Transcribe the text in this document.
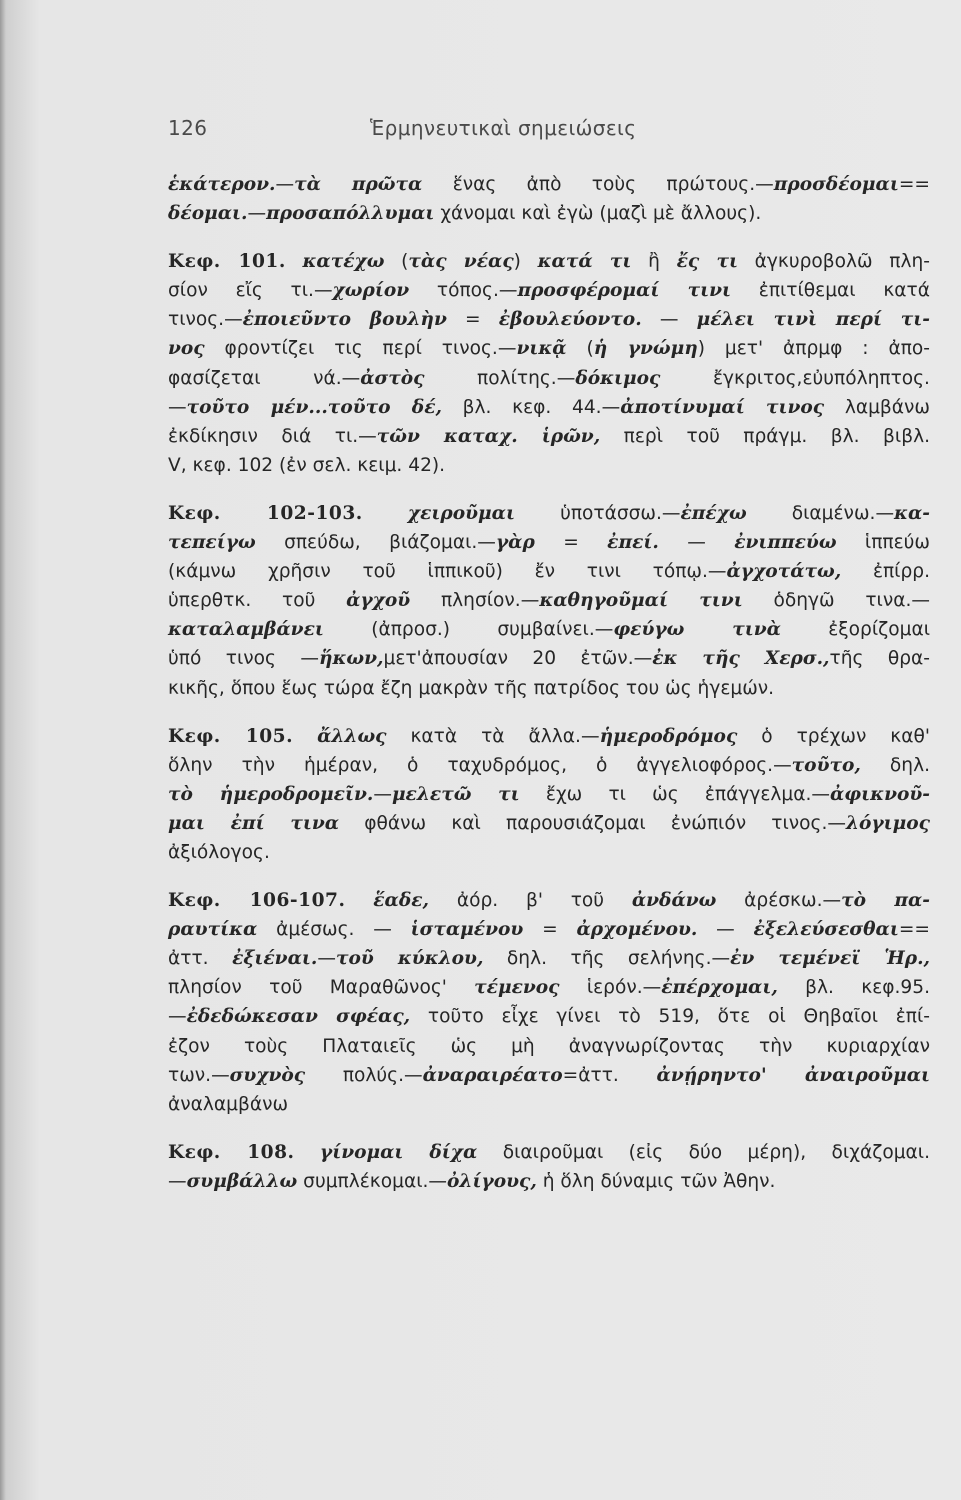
126	Ἑρμηνευτικαὶ σημειώσεις
ἑκάτερον.—τὰ πρῶτα ἕνας ἀπὸ τοὺς πρώτους.—προσδέομαι==
δέομαι.—προσαπόλλυμαι χάνομαι καὶ ἐγὼ (μαζὶ μὲ ἄλλους).
Κεφ. 101. κατέχω (τὰς νέας) κατά τι ἢ ἔς τι ἀγκυροβολῶ πλη-
σίον εἴς τι.—χωρίον τόπος.—προσφέρομαί τινι ἐπιτίθεμαι κατά
τινος.—ἐποιεῦντο βουλὴν = ἐβουλεύοντο. — μέλει τινὶ περί τι-
νος φροντίζει τις περί τινος.—νικᾷ (ἡ γνώμη) μετ' ἀπρμφ : ἀπο-
φασίζεται νά.—ἀστὸς πολίτης.—δόκιμος ἔγκριτος,εὐυπόληπτος.
—τοῦτο μέν...τοῦτο δέ, βλ. κεφ. 44.—ἀποτίνυμαί τινος λαμβάνω
ἐκδίκησιν διά τι.—τῶν καταχ. ἱρῶν, περὶ τοῦ πράγμ. βλ. βιβλ.
V, κεφ. 102 (ἐν σελ. κειμ. 42).
Κεφ. 102-103. χειροῦμαι ὑποτάσσω.—ἐπέχω διαμένω.—κα-
τεπείγω σπεύδω, βιάζομαι.—γὰρ = ἐπεί. — ἐνιππεύω ἱππεύω
(κάμνω χρῆσιν τοῦ ἱππικοῦ) ἔν τινι τόπῳ.—ἀγχοτάτω, ἐπίρρ.
ὑπερθτκ. τοῦ ἀγχοῦ πλησίον.—καθηγοῦμαί τινι ὁδηγῶ τινα.—
καταλαμβάνει (ἀπροσ.) συμβαίνει.—φεύγω τινὰ ἐξορίζομαι
ὑπό τινος —ἥκων,μετ'ἀπουσίαν 20 ἐτῶν.—ἐκ τῆς Χερσ.,τῆς θρα-
κικῆς, ὅπου ἕως τώρα ἔζη μακρὰν τῆς πατρίδος του ὡς ἡγεμών.
Κεφ. 105. ἄλλως κατὰ τὰ ἄλλα.—ἡμεροδρόμος ὁ τρέχων καθ'
ὅλην τὴν ἡμέραν, ὁ ταχυδρόμος, ὁ ἀγγελιοφόρος.—τοῦτο, δηλ.
τὸ ἡμεροδρομεῖν.—μελετῶ τι ἔχω τι ὡς ἐπάγγελμα.—ἀφικνοῦ-
μαι ἐπί τινα φθάνω καὶ παρουσιάζομαι ἐνώπιόν τινος.—λόγιμος
ἀξιόλογος.
Κεφ. 106-107. ἕαδε, ἀόρ. β' τοῦ ἀνδάνω ἀρέσκω.—τὸ πα-
ραυτίκα ἀμέσως. — ἱσταμένου = ἀρχομένου. — ἐξελεύσεσθαι==
ἀττ. ἐξιέναι.—τοῦ κύκλου, δηλ. τῆς σελήνης.—ἐν τεμένεϊ Ἡρ.,
πλησίον τοῦ Μαραθῶνος' τέμενος ἱερόν.—ἐπέρχομαι, βλ. κεφ.95.
—ἐδεδώκεσαν σφέας, τοῦτο εἶχε γίνει τὸ 519, ὅτε οἱ Θηβαῖοι ἐπί-
ἐζον τοὺς Πλαταιεῖς ὡς μὴ ἀναγνωρίζοντας τὴν κυριαρχίαν
των.—συχνὸς πολύς.—ἀναραιρέατο=ἀττ. ἀνῄρηντο' ἀναιροῦμαι
ἀναλαμβάνω
Κεφ. 108. γίνομαι δίχα διαιροῦμαι (εἰς δύο μέρη), διχάζομαι.
—συμβάλλω συμπλέκομαι.—ὀλίγους, ἡ ὅλη δύναμις τῶν Ἀθην.
